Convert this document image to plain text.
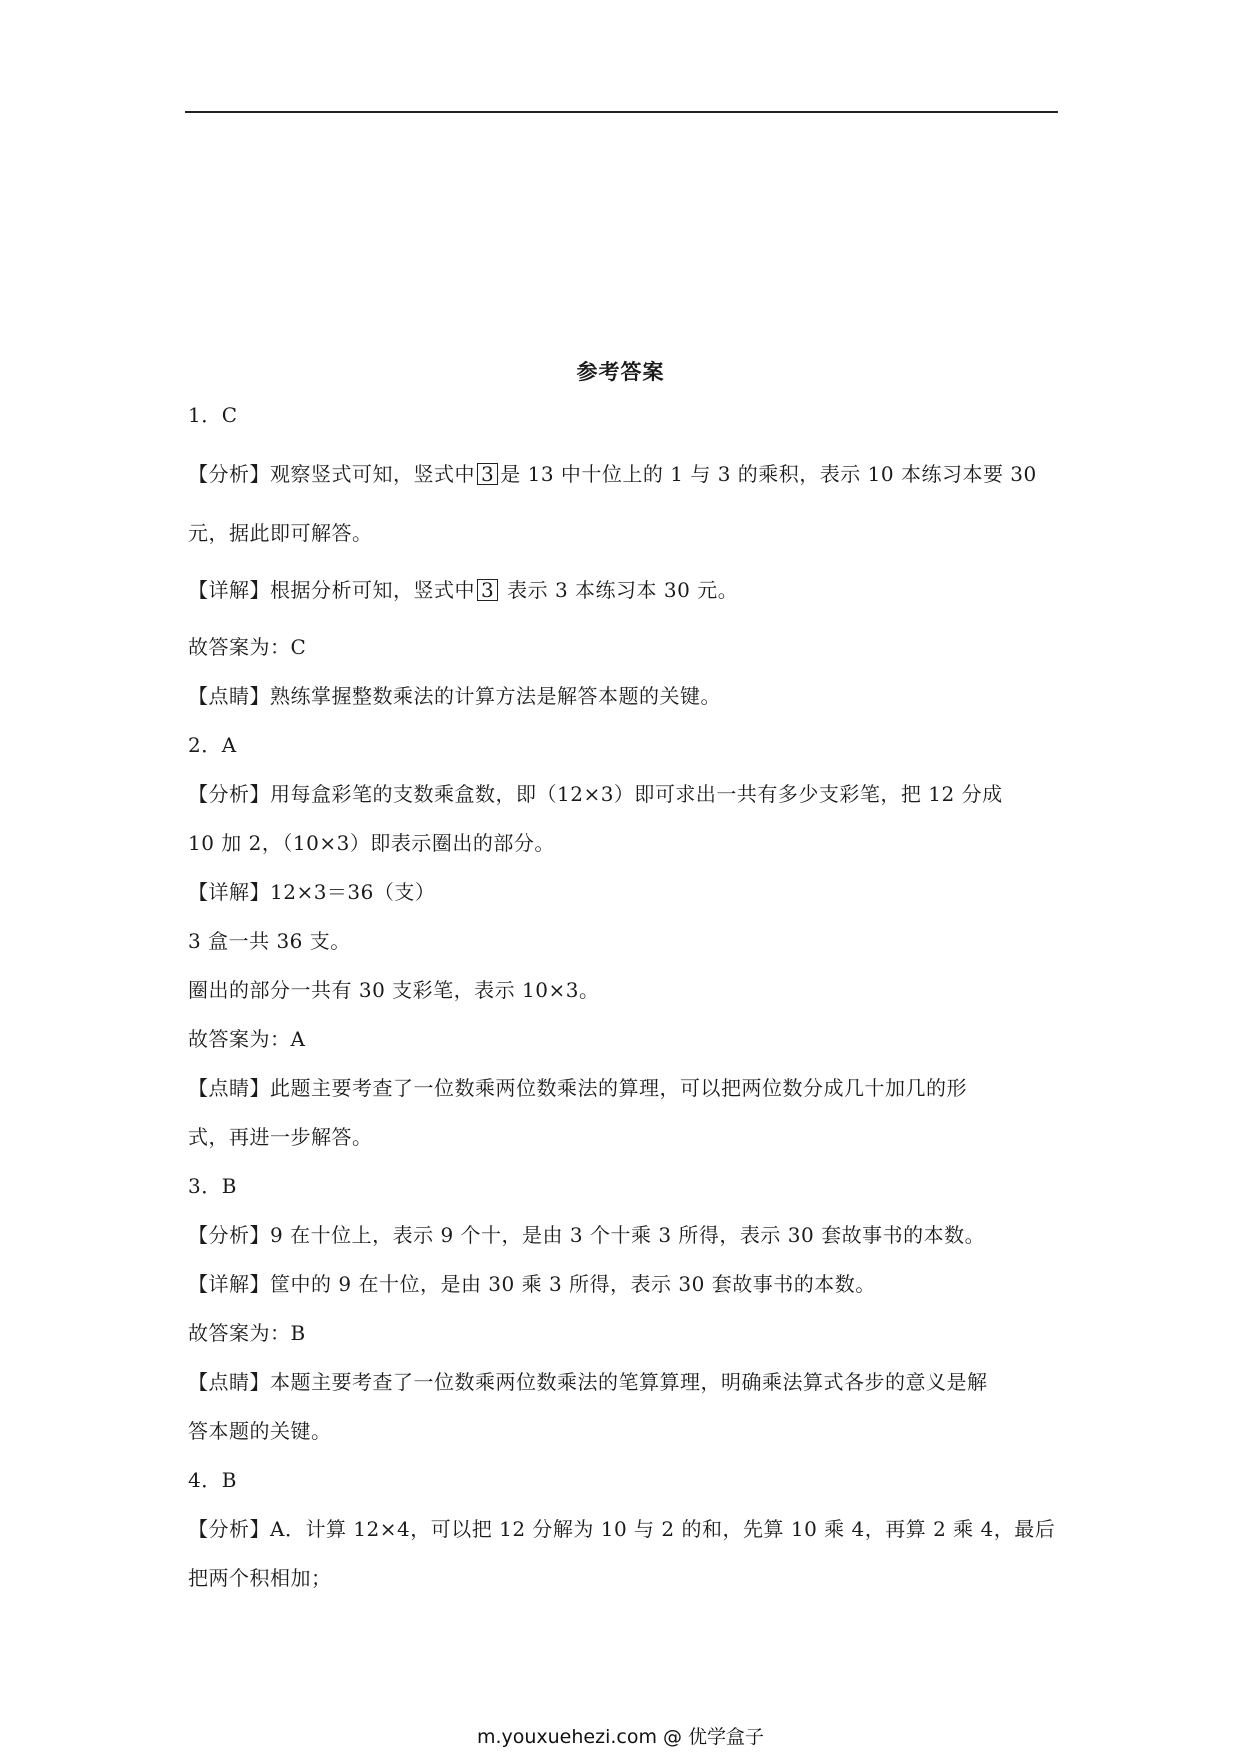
参考答案
1．C
【分析】观察竖式可知，竖式中 3 是 13 中十位上的 1 与 3 的乘积，表示 10 本练习本要 30
元，据此即可解答。
【详解】根据分析可知，竖式中 3 表示 3 本练习本 30 元。
故答案为：C
【点睛】熟练掌握整数乘法的计算方法是解答本题的关键。
2．A
【分析】用每盒彩笔的支数乘盒数，即（12×3）即可求出一共有多少支彩笔，把 12 分成
10 加 2，（10×3）即表示圈出的部分。
【详解】12×3＝36（支）
3 盒一共 36 支。
圈出的部分一共有 30 支彩笔，表示 10×3。
故答案为：A
【点睛】此题主要考查了一位数乘两位数乘法的算理，可以把两位数分成几十加几的形
式，再进一步解答。
3．B
【分析】9 在十位上，表示 9 个十，是由 3 个十乘 3 所得，表示 30 套故事书的本数。
【详解】筐中的 9 在十位，是由 30 乘 3 所得，表示 30 套故事书的本数。
故答案为：B
【点睛】本题主要考查了一位数乘两位数乘法的笔算算理，明确乘法算式各步的意义是解
答本题的关键。
4．B
【分析】A．计算 12×4，可以把 12 分解为 10 与 2 的和，先算 10 乘 4，再算 2 乘 4，最后
把两个积相加；
m.youxuehezi.com @ 优学盒子
